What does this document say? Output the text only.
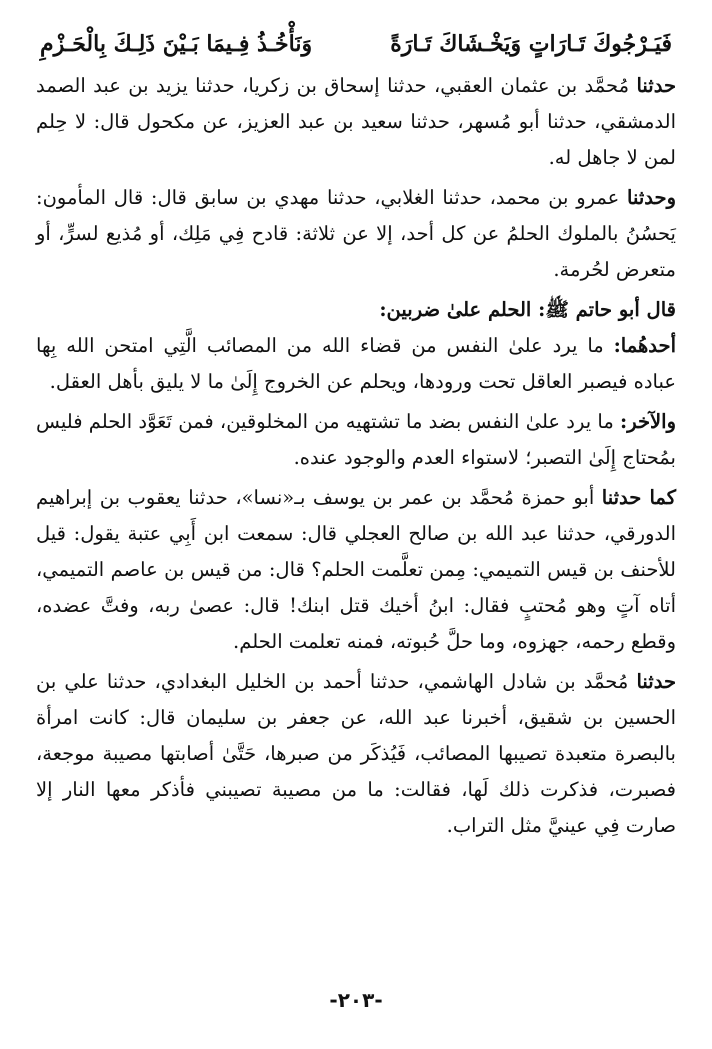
فَيَـرْجُوكَ تَـارَاتٍ وَيَخْـشَاكَ تَـارَةً
وَنَأْخُـذُ فِـيمَا بَـيْنَ ذَلِـكَ بِالْحَـزْمِ

حدثنا مُحمَّد بن عثمان العقبي، حدثنا إسحاق بن زكريا، حدثنا يزيد بن عبد الصمد الدمشقي، حدثنا أبو مُسهر، حدثنا سعيد بن عبد العزيز، عن مكحول قال: لا حِلم لمن لا جاهل له.

وحدثنا عمرو بن محمد، حدثنا الغلابي، حدثنا مهدي بن سابق قال: قال المأمون: يَحسُنُ بالملوك الحلمُ عن كل أحد، إلا عن ثلاثة: قادح فِي مَلِك، أو مُذيع لسرٍّ، أو متعرض لحُرمة.

قال أبو حاتم ﷺ: الحلم علىٰ ضربين:

أحدهُما: ما يرد علىٰ النفس من قضاء الله من المصائب الَّتِي امتحن الله بِها عباده فيصبر العاقل تحت ورودها، ويحلم عن الخروج إِلَىٰ ما لا يليق بأهل العقل.

والآخر: ما يرد علىٰ النفس بضد ما تشتهيه من المخلوقين، فمن تَعَوَّد الحلم فليس بمُحتاج إِلَىٰ التصبر؛ لاستواء العدم والوجود عنده.

كما حدثنا أبو حمزة مُحمَّد بن عمر بن يوسف بـ«نسا»، حدثنا يعقوب بن إبراهيم الدورقي، حدثنا عبد الله بن صالح العجلي قال: سمعت ابن أَبِي عتبة يقول: قيل للأحنف بن قيس التميمي: مِمن تعلَّمت الحلم؟ قال: من قيس بن عاصم التميمي، أتاه آتٍ وهو مُحتبٍ فقال: ابنُ أخيك قتل ابنك! قال: عصىٰ ربه، وفتَّ عضده، وقطع رحمه، جهزوه، وما حلَّ حُبوته، فمنه تعلمت الحلم.

حدثنا مُحمَّد بن شادل الهاشمي، حدثنا أحمد بن الخليل البغدادي، حدثنا علي بن الحسين بن شقيق، أخبرنا عبد الله، عن جعفر بن سليمان قال: كانت امرأة بالبصرة متعبدة تصيبها المصائب، فَيُذكَر من صبرها، حَتَّىٰ أصابتها مصيبة موجعة، فصبرت، فذكرت ذلك لَها، فقالت: ما من مصيبة تصيبني فأذكر معها النار إلا صارت فِي عينيَّ مثل التراب.

-٢٠٣-
